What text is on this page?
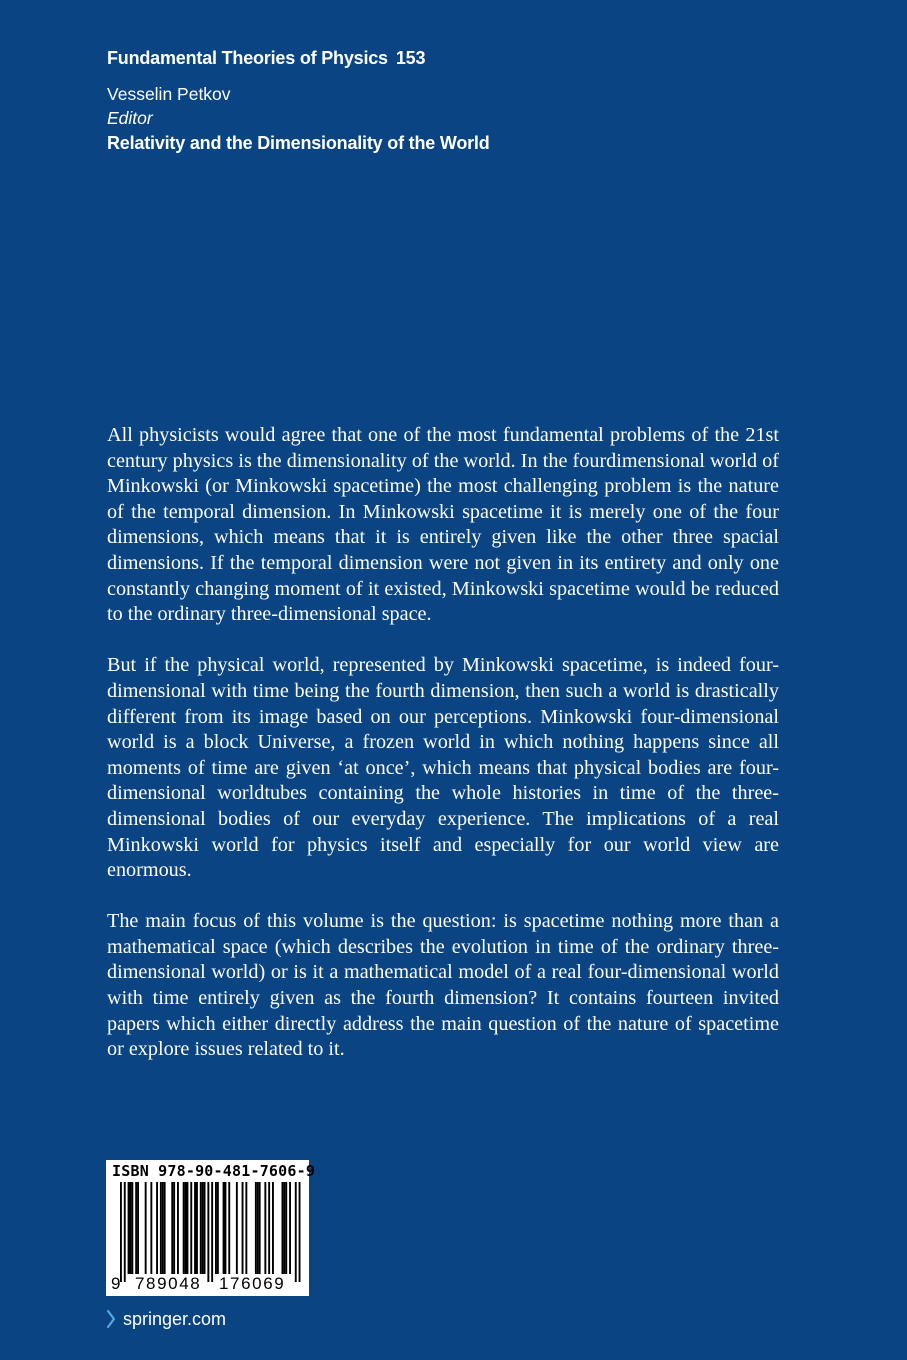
Fundamental Theories of Physics 153
Vesselin Petkov
Editor
Relativity and the Dimensionality of the World

All physicists would agree that one of the most fundamental problems of the 21st century physics is the dimensionality of the world. In the fourdimensional world of Minkowski (or Minkowski spacetime) the most challenging problem is the nature of the temporal dimension. In Minkowski spacetime it is merely one of the four dimensions, which means that it is entirely given like the other three spacial dimensions. If the temporal dimension were not given in its entirety and only one constantly changing moment of it existed, Minkowski spacetime would be reduced to the ordinary three-dimensional space.

But if the physical world, represented by Minkowski spacetime, is indeed four-dimensional with time being the fourth dimension, then such a world is drastically different from its image based on our perceptions. Minkowski four-dimensional world is a block Universe, a frozen world in which nothing happens since all moments of time are given ‘at once’, which means that physical bodies are four-dimensional worldtubes containing the whole histories in time of the three-dimensional bodies of our everyday experience. The implications of a real Minkowski world for physics itself and especially for our world view are enormous.

The main focus of this volume is the question: is spacetime nothing more than a mathematical space (which describes the evolution in time of the ordinary three-dimensional world) or is it a mathematical model of a real four-dimensional world with time entirely given as the fourth dimension? It contains fourteen invited papers which either directly address the main question of the nature of spacetime or explore issues related to it.

ISBN 978-90-481-7606-9
9 789048 176069
springer.com
